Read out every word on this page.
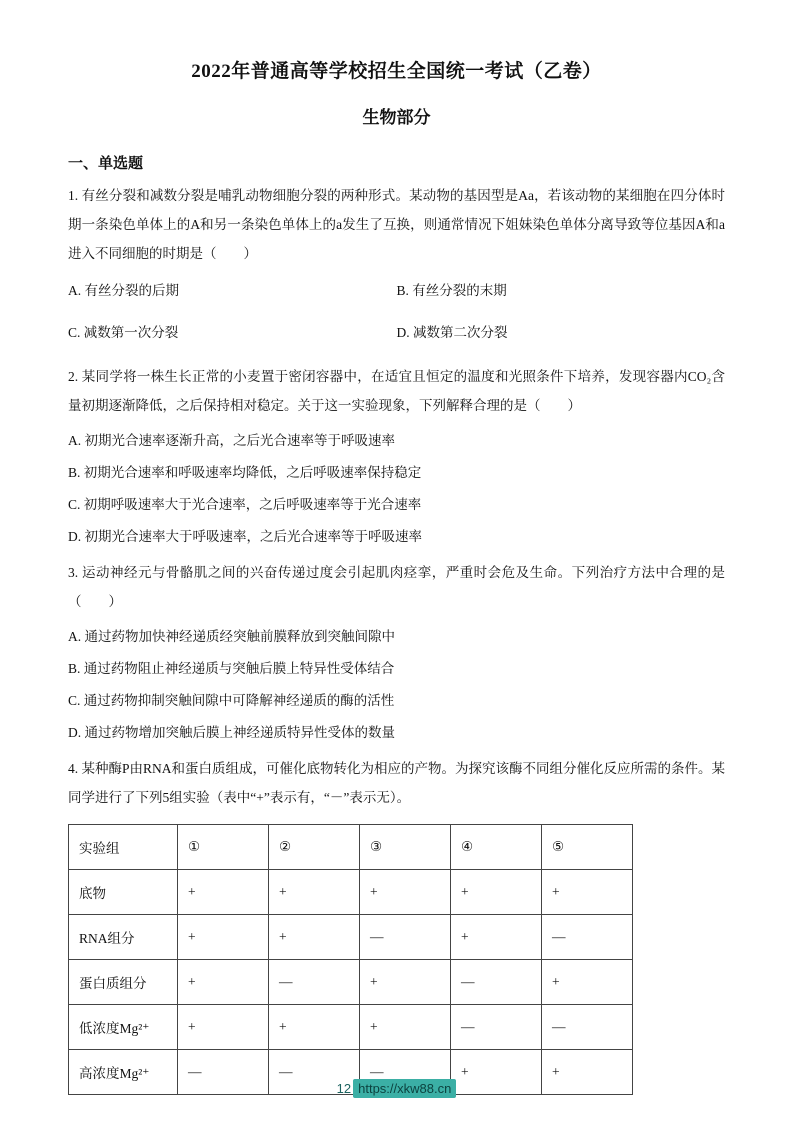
2022年普通高等学校招生全国统一考试（乙卷）
生物部分
一、单选题

1. 有丝分裂和减数分裂是哺乳动物细胞分裂的两种形式。某动物的基因型是Aa，若该动物的某细胞在四分体时期一条染色单体上的A和另一条染色单体上的a发生了互换，则通常情况下姐妹染色单体分离导致等位基因A和a进入不同细胞的时期是（　　）

A. 有丝分裂的后期	B. 有丝分裂的末期
C. 减数第一次分裂	D. 减数第二次分裂

2. 某同学将一株生长正常的小麦置于密闭容器中，在适宜且恒定的温度和光照条件下培养，发现容器内CO₂含量初期逐渐降低，之后保持相对稳定。关于这一实验现象，下列解释合理的是（　　）

A. 初期光合速率逐渐升高，之后光合速率等于呼吸速率
B. 初期光合速率和呼吸速率均降低，之后呼吸速率保持稳定
C. 初期呼吸速率大于光合速率，之后呼吸速率等于光合速率
D. 初期光合速率大于呼吸速率，之后光合速率等于呼吸速率

3. 运动神经元与骨骼肌之间的兴奋传递过度会引起肌肉痉挛，严重时会危及生命。下列治疗方法中合理的是（　　）

A. 通过药物加快神经递质经突触前膜释放到突触间隙中
B. 通过药物阻止神经递质与突触后膜上特异性受体结合
C. 通过药物抑制突触间隙中可降解神经递质的酶的活性
D. 通过药物增加突触后膜上神经递质特异性受体的数量

4. 某种酶P由RNA和蛋白质组成，可催化底物转化为相应的产物。为探究该酶不同组分催化反应所需的条件。某同学进行了下列5组实验（表中“+”表示有，“－”表示无）。

实验组	①	②	③	④	⑤
底物	+	+	+	+	+
RNA组分	+	+	—	+	—
蛋白质组分	+	—	+	—	+
低浓度Mg²⁺	+	+	+	—	—
高浓度Mg²⁺	—	—	—	+	+
12 https://xkw88.cn
